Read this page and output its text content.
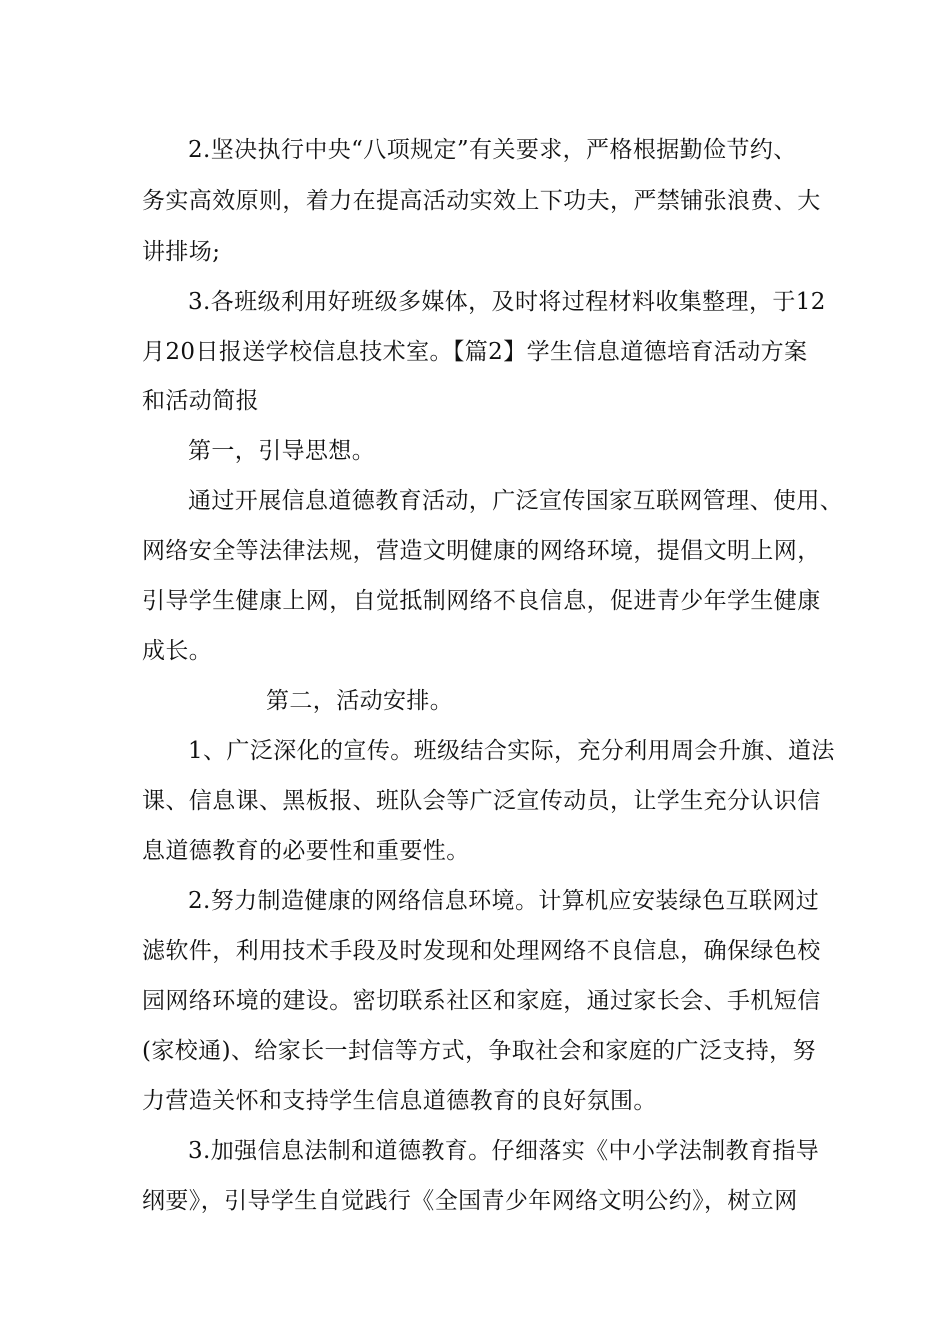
2.坚决执行中央“八项规定”有关要求，严格根据勤俭节约、

务实高效原则，着力在提高活动实效上下功夫，严禁铺张浪费、大

讲排场;

3.各班级利用好班级多媒体，及时将过程材料收集整理，于12

月20日报送学校信息技术室。【篇2】学生信息道德培育活动方案

和活动简报

第一，引导思想。

通过开展信息道德教育活动，广泛宣传国家互联网管理、使用、

网络安全等法律法规，营造文明健康的网络环境，提倡文明上网，

引导学生健康上网，自觉抵制网络不良信息，促进青少年学生健康

成长。

第二，活动安排。

1、广泛深化的宣传。班级结合实际，充分利用周会升旗、道法

课、信息课、黑板报、班队会等广泛宣传动员，让学生充分认识信

息道德教育的必要性和重要性。

2.努力制造健康的网络信息环境。计算机应安装绿色互联网过

滤软件，利用技术手段及时发现和处理网络不良信息，确保绿色校

园网络环境的建设。密切联系社区和家庭，通过家长会、手机短信

(家校通)、给家长一封信等方式，争取社会和家庭的广泛支持，努

力营造关怀和支持学生信息道德教育的良好氛围。

3.加强信息法制和道德教育。仔细落实《中小学法制教育指导

纲要》，引导学生自觉践行《全国青少年网络文明公约》，树立网
